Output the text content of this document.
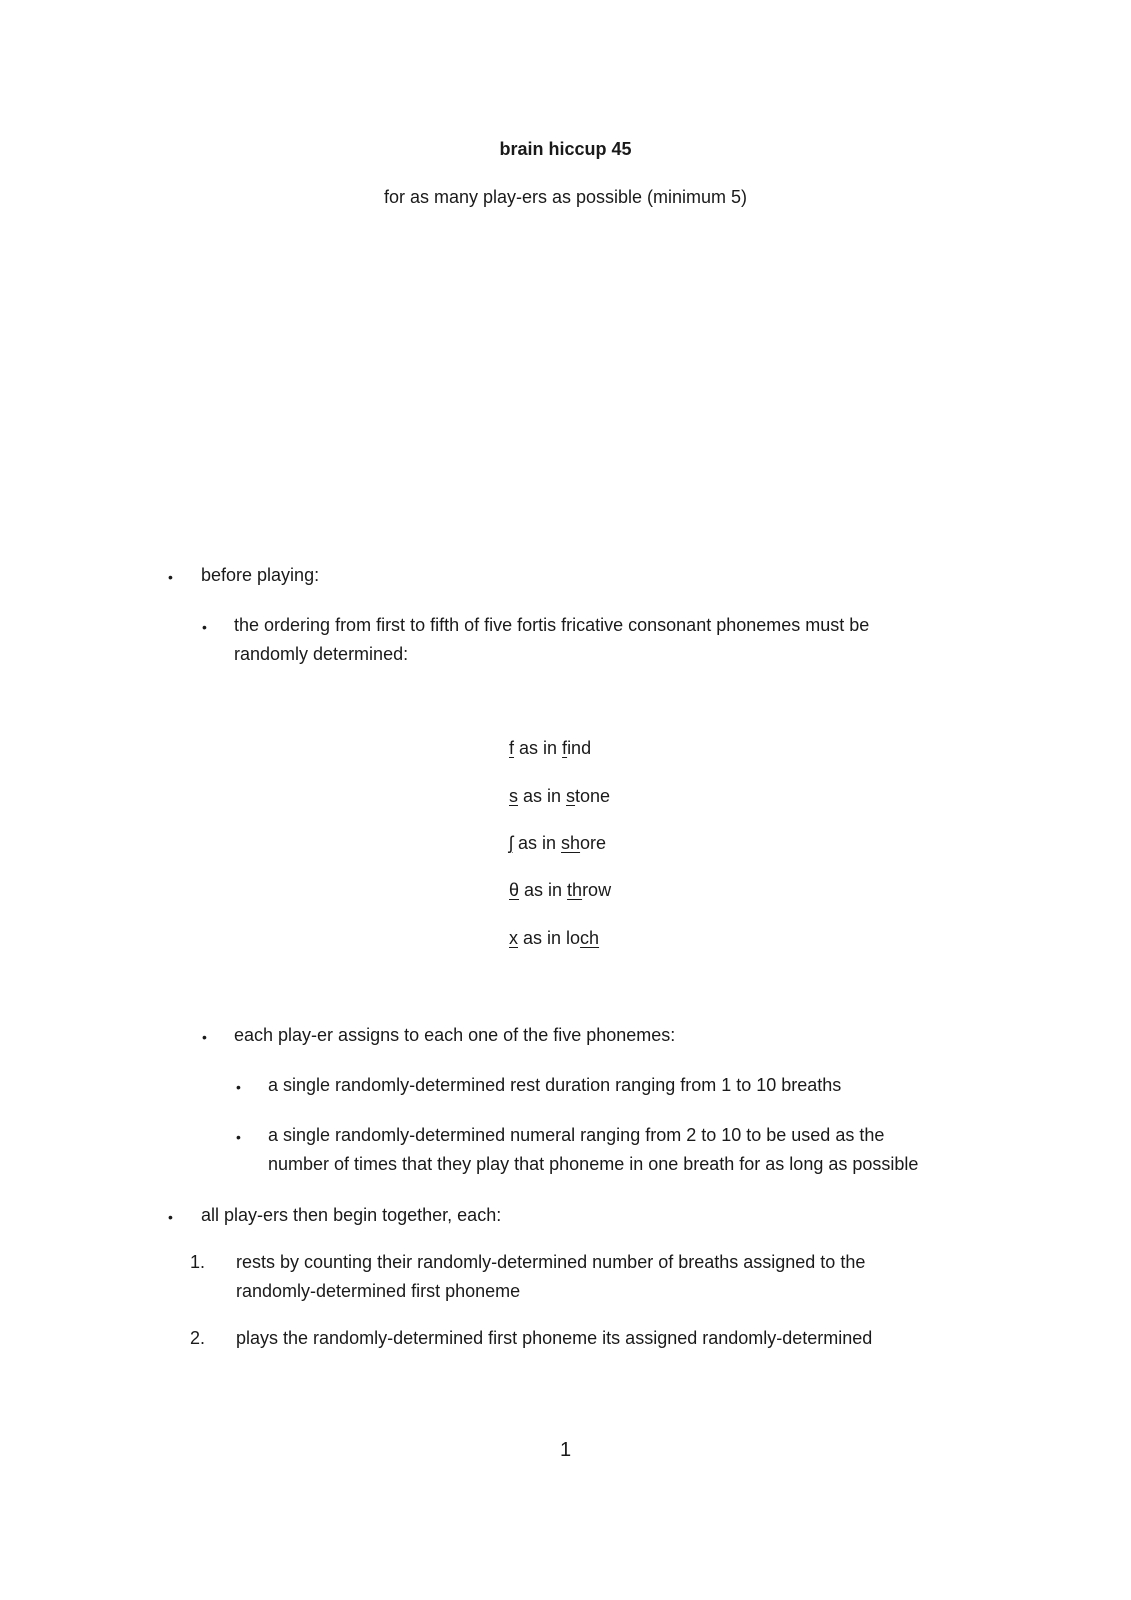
brain hiccup 45
for as many play-ers as possible (minimum 5)
• before playing:
• the ordering from first to fifth of five fortis fricative consonant phonemes must be
randomly determined:
f as in find
s as in stone
ʃ as in shore
θ as in throw
x as in loch
• each play-er assigns to each one of the five phonemes:
• a single randomly-determined rest duration ranging from 1 to 10 breaths
• a single randomly-determined numeral ranging from 2 to 10 to be used as the
number of times that they play that phoneme in one breath for as long as possible
• all play-ers then begin together, each:
1. rests by counting their randomly-determined number of breaths assigned to the
randomly-determined first phoneme
2. plays the randomly-determined first phoneme its assigned randomly-determined
1
